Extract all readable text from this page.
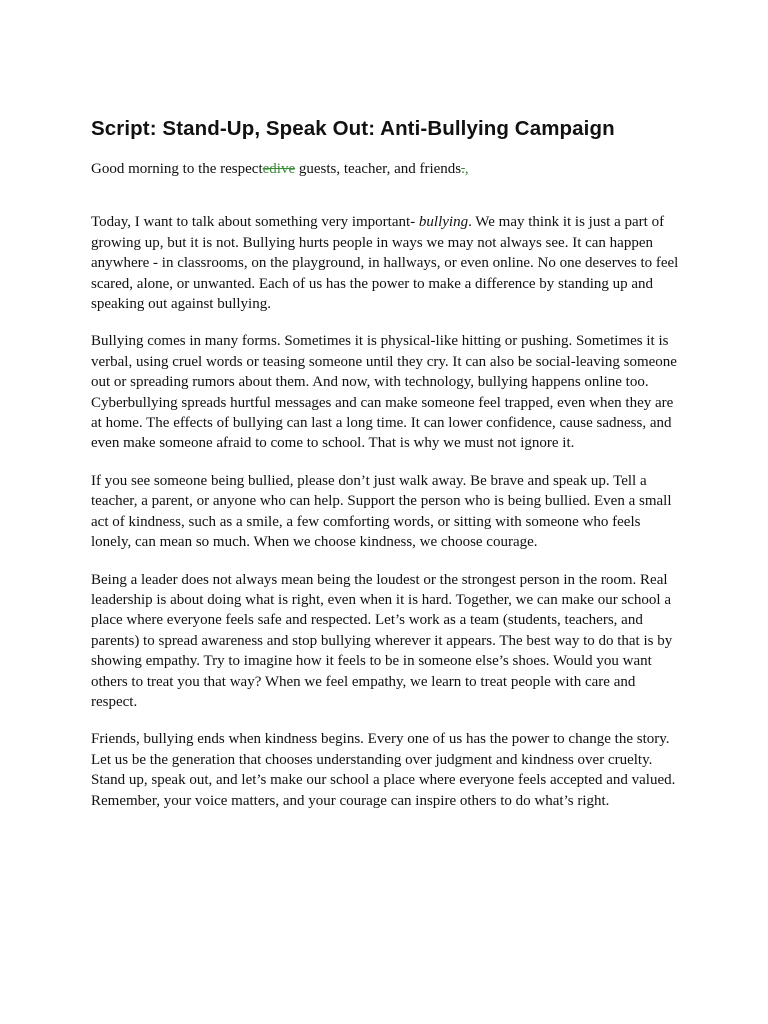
Script: Stand-Up, Speak Out: Anti-Bullying Campaign

Good morning to the respectedive guests, teacher, and friends.,

Today, I want to talk about something very important- bullying. We may think it is just a part of growing up, but it is not. Bullying hurts people in ways we may not always see. It can happen anywhere - in classrooms, on the playground, in hallways, or even online. No one deserves to feel scared, alone, or unwanted. Each of us has the power to make a difference by standing up and speaking out against bullying.

Bullying comes in many forms. Sometimes it is physical-like hitting or pushing. Sometimes it is verbal, using cruel words or teasing someone until they cry. It can also be social-leaving someone out or spreading rumors about them. And now, with technology, bullying happens online too. Cyberbullying spreads hurtful messages and can make someone feel trapped, even when they are at home. The effects of bullying can last a long time. It can lower confidence, cause sadness, and even make someone afraid to come to school. That is why we must not ignore it.

If you see someone being bullied, please don’t just walk away. Be brave and speak up. Tell a teacher, a parent, or anyone who can help. Support the person who is being bullied. Even a small act of kindness, such as a smile, a few comforting words, or sitting with someone who feels lonely, can mean so much. When we choose kindness, we choose courage.

Being a leader does not always mean being the loudest or the strongest person in the room. Real leadership is about doing what is right, even when it is hard. Together, we can make our school a place where everyone feels safe and respected. Let’s work as a team (students, teachers, and parents) to spread awareness and stop bullying wherever it appears. The best way to do that is by showing empathy. Try to imagine how it feels to be in someone else’s shoes. Would you want others to treat you that way? When we feel empathy, we learn to treat people with care and respect.

Friends, bullying ends when kindness begins. Every one of us has the power to change the story. Let us be the generation that chooses understanding over judgment and kindness over cruelty. Stand up, speak out, and let’s make our school a place where everyone feels accepted and valued. Remember, your voice matters, and your courage can inspire others to do what’s right.
